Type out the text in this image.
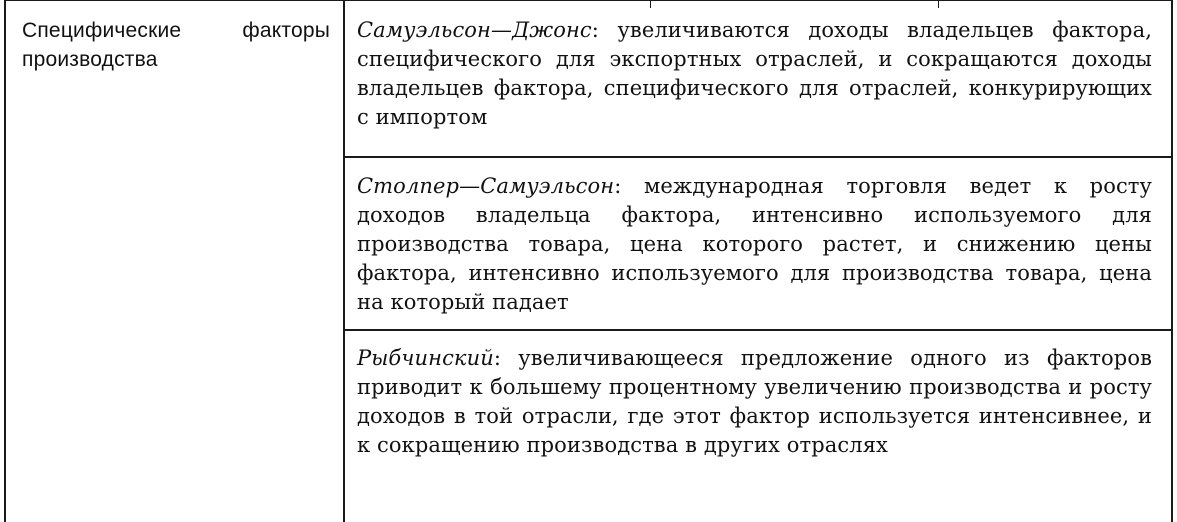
Специфические факторы производства
Самуэльсон—Джонс: увеличиваются доходы владельцев фактора, специфического для экспортных отраслей, и сокращаются доходы владельцев фактора, специфического для отраслей, конкурирующих с импортом
Столпер—Самуэльсон: международная торговля ведет к росту доходов владельца фактора, интенсивно используемого для производства товара, цена которого растет, и снижению цены фактора, интенсивно используемого для производства товара, цена на который падает
Рыбчинский: увеличивающееся предложение одного из факторов приводит к большему процентному увеличению производства и росту доходов в той отрасли, где этот фактор используется интенсивнее, и к сокращению производства в других отраслях
